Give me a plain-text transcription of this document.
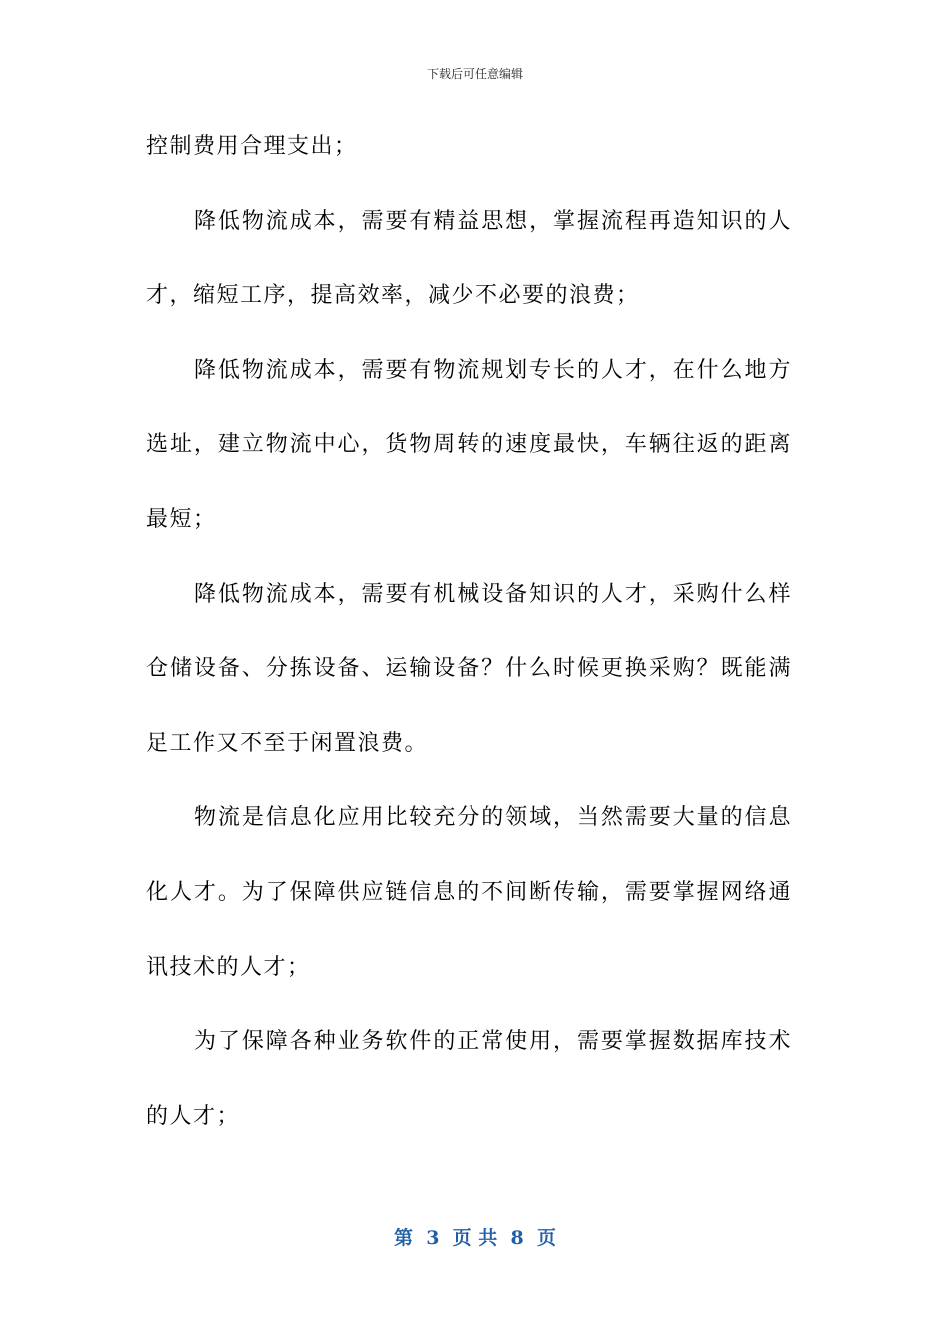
下载后可任意编辑

控制费用合理支出；

降低物流成本，需要有精益思想，掌握流程再造知识的人才，缩短工序，提高效率，减少不必要的浪费；

降低物流成本，需要有物流规划专长的人才，在什么地方选址，建立物流中心，货物周转的速度最快，车辆往返的距离最短；

降低物流成本，需要有机械设备知识的人才，采购什么样仓储设备、分拣设备、运输设备？什么时候更换采购？既能满足工作又不至于闲置浪费。

物流是信息化应用比较充分的领域，当然需要大量的信息化人才。为了保障供应链信息的不间断传输，需要掌握网络通讯技术的人才；

为了保障各种业务软件的正常使用，需要掌握数据库技术的人才；

第  3  页 共  8  页
